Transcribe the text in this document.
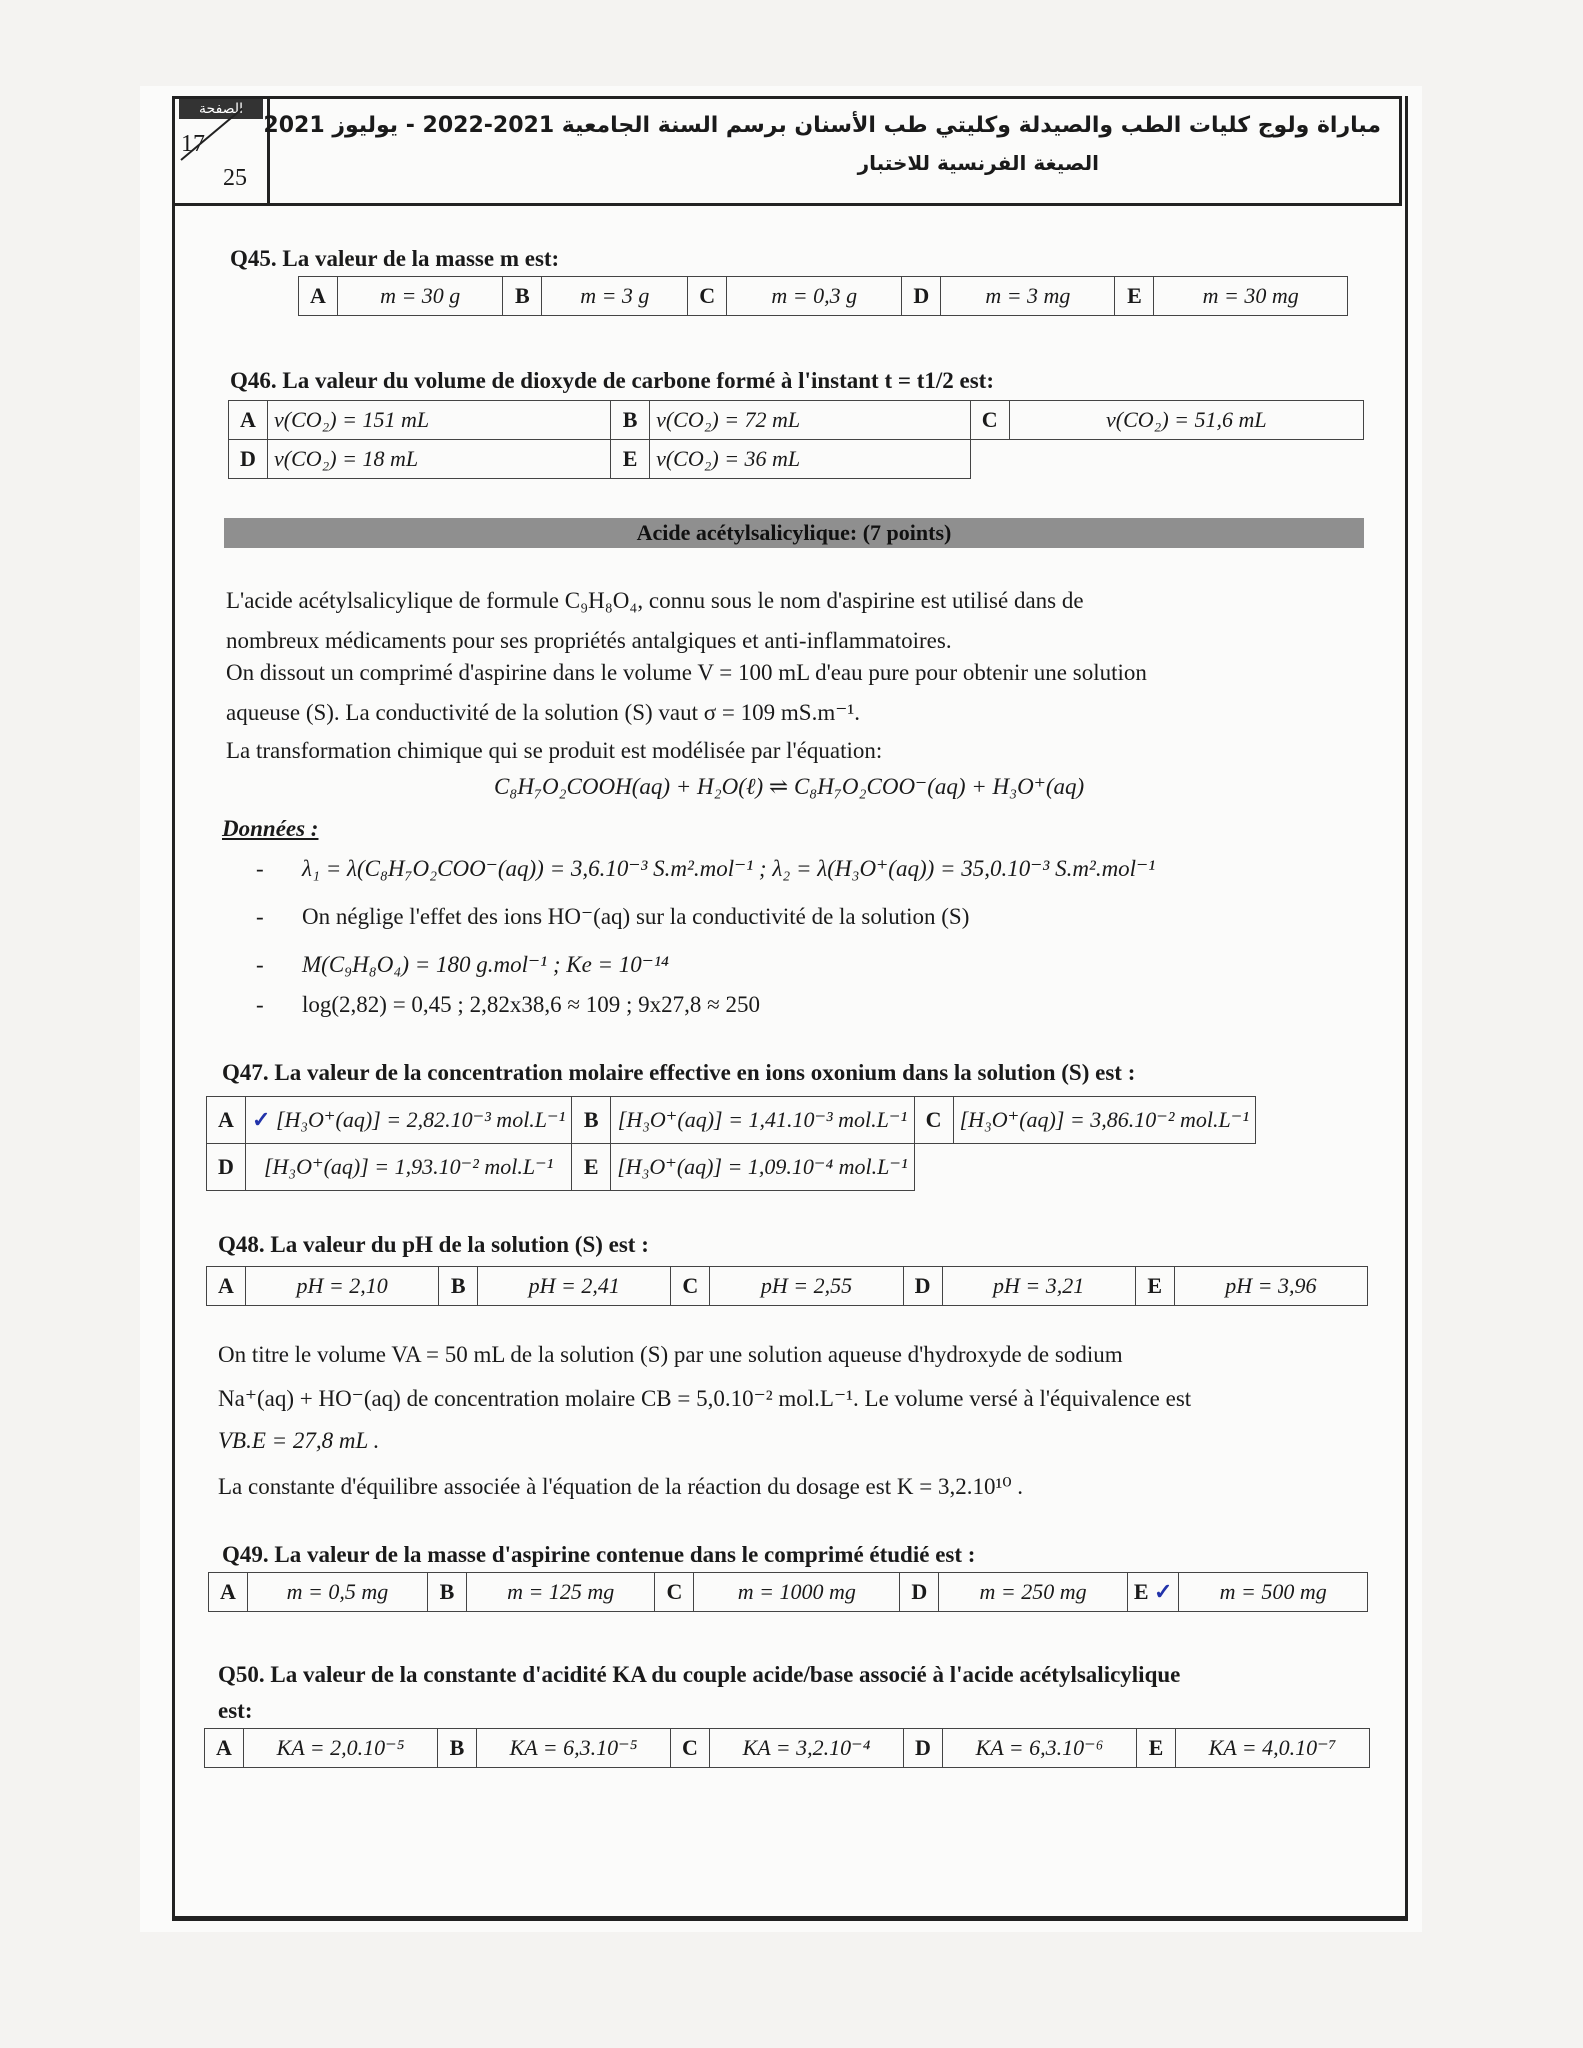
الصفحة
17
25
مباراة ولوج كليات الطب والصيدلة وكليتي طب الأسنان برسم السنة الجامعية 2021-2022 - يوليوز 2021
الصيغة الفرنسية للاختبار
Q45. La valeur de la masse m est:
A	m = 30 g	B	m = 3 g	C	m = 0,3 g	D	m = 3 mg	E	m = 30 mg
Q46. La valeur du volume de dioxyde de carbone formé à l'instant t = t1/2 est:
A	v(CO₂) = 151 mL	B	v(CO₂) = 72 mL	C	v(CO₂) = 51,6 mL
D	v(CO₂) = 18 mL	E	v(CO₂) = 36 mL		
Acide acétylsalicylique: (7 points)
L'acide acétylsalicylique de formule C₉H₈O₄, connu sous le nom d'aspirine est utilisé dans de
nombreux médicaments pour ses propriétés antalgiques et anti-inflammatoires.
On dissout un comprimé d'aspirine dans le volume V = 100 mL d'eau pure pour obtenir une solution
aqueuse (S). La conductivité de la solution (S) vaut σ = 109 mS.m⁻¹.
La transformation chimique qui se produit est modélisée par l'équation:
C₈H₇O₂COOH(aq) + H₂O(ℓ) ⇌ C₈H₇O₂COO⁻(aq) + H₃O⁺(aq)
Données :
- λ₁ = λ(C₈H₇O₂COO⁻(aq)) = 3,6.10⁻³ S.m².mol⁻¹ ; λ₂ = λ(H₃O⁺(aq)) = 35,0.10⁻³ S.m².mol⁻¹
- On néglige l'effet des ions HO⁻(aq) sur la conductivité de la solution (S)
- M(C₉H₈O₄) = 180 g.mol⁻¹ ; Ke = 10⁻¹⁴
- log(2,82) = 0,45 ; 2,82x38,6 ≈ 109 ; 9x27,8 ≈ 250
Q47. La valeur de la concentration molaire effective en ions oxonium dans la solution (S) est :
A	✓ [H₃O⁺(aq)] = 2,82.10⁻³ mol.L⁻¹	B	[H₃O⁺(aq)] = 1,41.10⁻³ mol.L⁻¹	C	[H₃O⁺(aq)] = 3,86.10⁻² mol.L⁻¹
D	[H₃O⁺(aq)] = 1,93.10⁻² mol.L⁻¹	E	[H₃O⁺(aq)] = 1,09.10⁻⁴ mol.L⁻¹		
Q48. La valeur du pH de la solution (S) est :
A	pH = 2,10	B	pH = 2,41	C	pH = 2,55	D	pH = 3,21	E	pH = 3,96
On titre le volume VA = 50 mL de la solution (S) par une solution aqueuse d'hydroxyde de sodium
Na⁺(aq) + HO⁻(aq) de concentration molaire CB = 5,0.10⁻² mol.L⁻¹. Le volume versé à l'équivalence est
VB.E = 27,8 mL .
La constante d'équilibre associée à l'équation de la réaction du dosage est K = 3,2.10¹⁰ .
Q49. La valeur de la masse d'aspirine contenue dans le comprimé étudié est :
A	m = 0,5 mg	B	m = 125 mg	C	m = 1000 mg	D	m = 250 mg	E ✓	m = 500 mg
Q50. La valeur de la constante d'acidité KA du couple acide/base associé à l'acide acétylsalicylique
est:
A	KA = 2,0.10⁻⁵	B	KA = 6,3.10⁻⁵	C	KA = 3,2.10⁻⁴	D	KA = 6,3.10⁻⁶	E	KA = 4,0.10⁻⁷
